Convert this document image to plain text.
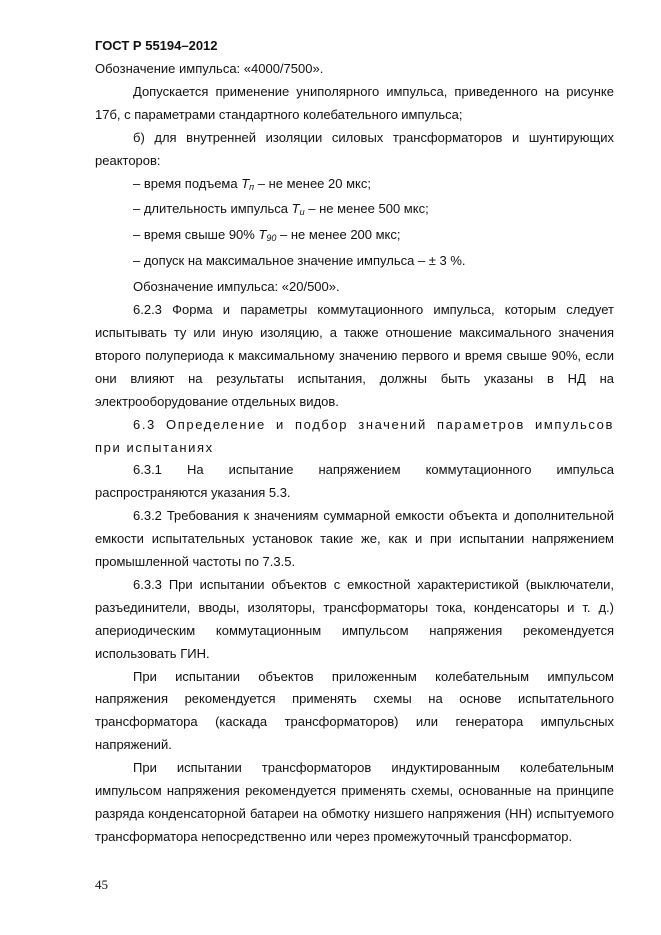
ГОСТ Р 55194–2012

Обозначение импульса: «4000/7500».

Допускается применение униполярного импульса, приведенного на рисунке 17б, с параметрами стандартного колебательного импульса;

б) для внутренней изоляции силовых трансформаторов и шунтирующих реакторов:

– время подъема $T_п$ – не менее 20 мкс;

– длительность импульса $T_и$ – не менее 500 мкс;

– время свыше 90% $T_{90}$ – не менее 200 мкс;

– допуск на максимальное значение импульса – ± 3 %.

Обозначение импульса: «20/500».

6.2.3 Форма и параметры коммутационного импульса, которым следует испытывать ту или иную изоляцию, а также отношение максимального значения второго полупериода к максимальному значению первого и время свыше 90%, если они влияют на результаты испытания, должны быть указаны в НД на электрооборудование отдельных видов.

6.3 Определение и подбор значений параметров импульсов при испытаниях

6.3.1 На испытание напряжением коммутационного импульса

распространяются указания 5.3.

6.3.2 Требования к значениям суммарной емкости объекта и дополнительной емкости испытательных установок такие же, как и при испытании напряжением промышленной частоты по 7.3.5.

6.3.3 При испытании объектов с емкостной характеристикой (выключатели, разъединители, вводы, изоляторы, трансформаторы тока, конденсаторы и т. д.) апериодическим коммутационным импульсом напряжения рекомендуется использовать ГИН.

При испытании объектов приложенным колебательным импульсом напряжения рекомендуется применять схемы на основе испытательного трансформатора (каскада трансформаторов) или генератора импульсных напряжений.

При испытании трансформаторов индуктированным колебательным импульсом напряжения рекомендуется применять схемы, основанные на принципе разряда конденсаторной батареи на обмотку низшего напряжения (НН) испытуемого трансформатора непосредственно или через промежуточный трансформатор.

45
